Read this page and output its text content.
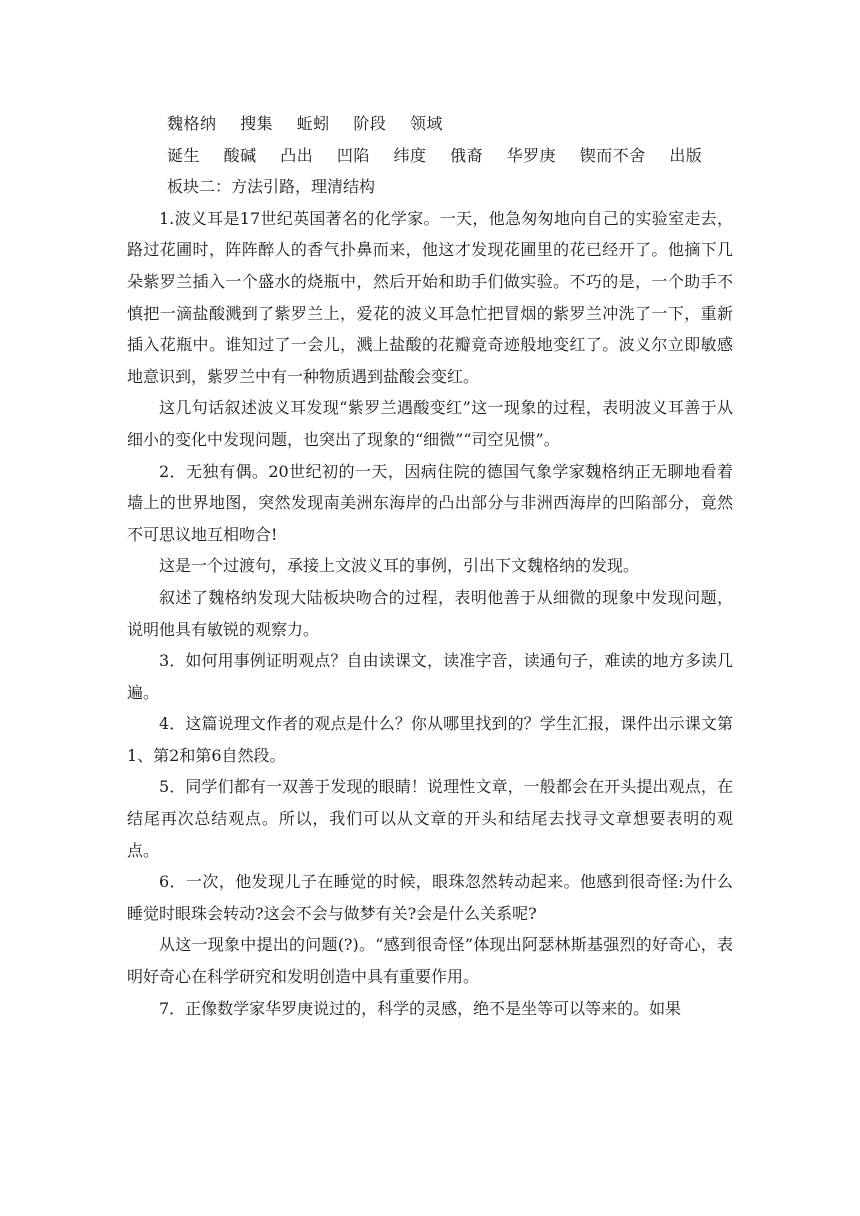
魏格纳 搜集 蚯蚓 阶段 领域

诞生 酸碱 凸出 凹陷 纬度 俄裔 华罗庚 锲而不舍 出版

板块二：方法引路，理清结构

1.波义耳是17世纪英国著名的化学家。一天，他急匆匆地向自己的实验室走去，路过花圃时，阵阵醉人的香气扑鼻而来，他这才发现花圃里的花已经开了。他摘下几朵紫罗兰插入一个盛水的烧瓶中，然后开始和助手们做实验。不巧的是，一个助手不慎把一滴盐酸溅到了紫罗兰上，爱花的波义耳急忙把冒烟的紫罗兰冲洗了一下，重新插入花瓶中。谁知过了一会儿，溅上盐酸的花瓣竟奇迹般地变红了。波义尔立即敏感地意识到，紫罗兰中有一种物质遇到盐酸会变红。

这几句话叙述波义耳发现“紫罗兰遇酸变红”这一现象的过程，表明波义耳善于从细小的变化中发现问题，也突出了现象的“细微”“司空见惯”。

2．无独有偶。20世纪初的一天，因病住院的德国气象学家魏格纳正无聊地看着墙上的世界地图，突然发现南美洲东海岸的凸出部分与非洲西海岸的凹陷部分，竟然不可思议地互相吻合!

这是一个过渡句，承接上文波义耳的事例，引出下文魏格纳的发现。

叙述了魏格纳发现大陆板块吻合的过程，表明他善于从细微的现象中发现问题，说明他具有敏锐的观察力。

3．如何用事例证明观点？自由读课文，读准字音，读通句子，难读的地方多读几遍。

4．这篇说理文作者的观点是什么？你从哪里找到的？学生汇报，课件出示课文第1、第2和第6自然段。

5．同学们都有一双善于发现的眼睛！说理性文章，一般都会在开头提出观点，在结尾再次总结观点。所以，我们可以从文章的开头和结尾去找寻文章想要表明的观点。

6．一次，他发现儿子在睡觉的时候，眼珠忽然转动起来。他感到很奇怪:为什么睡觉时眼珠会转动?这会不会与做梦有关?会是什么关系呢?

从这一现象中提出的问题(?)。“感到很奇怪”体现出阿瑟林斯基强烈的好奇心，表明好奇心在科学研究和发明创造中具有重要作用。

7．正像数学家华罗庚说过的，科学的灵感，绝不是坐等可以等来的。如果
